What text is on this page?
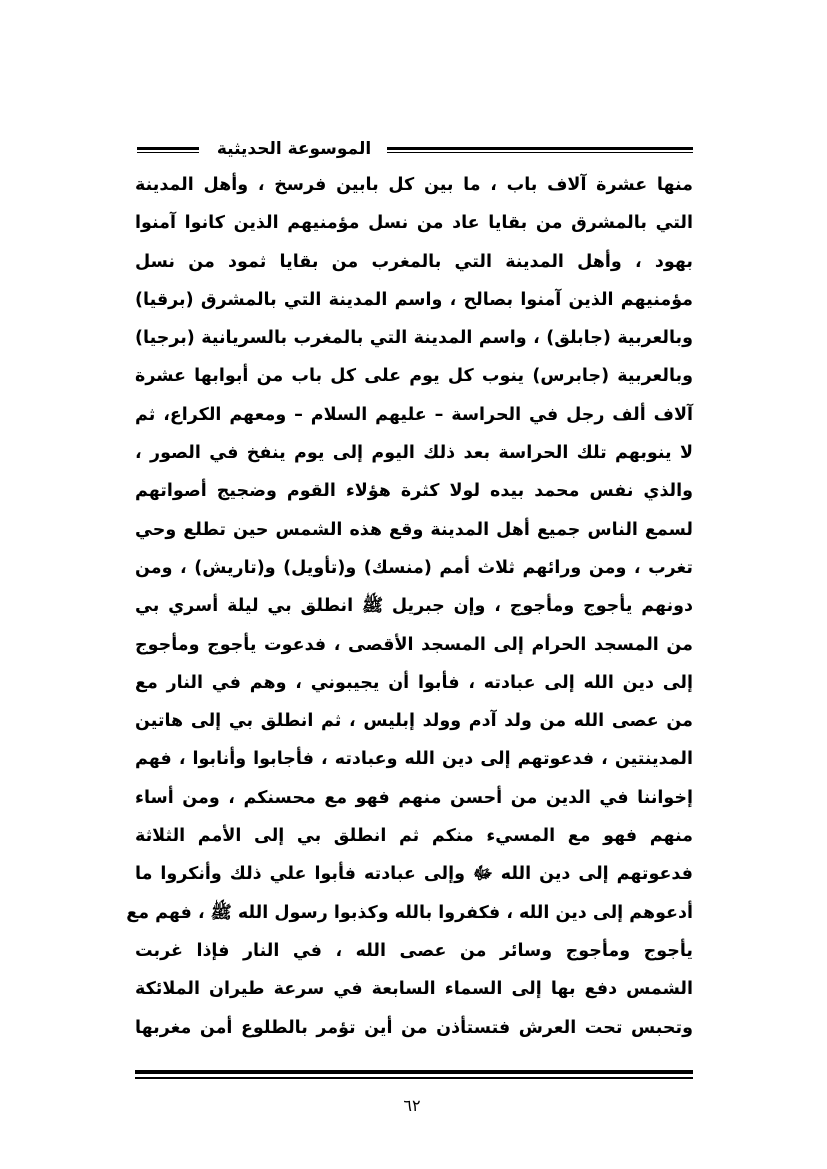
الموسوعة الحديثية
منها عشرة آلاف باب ، ما بين كل بابين فرسخ ، وأهل المدينة
التي بالمشرق من بقايا عاد من نسل مؤمنيهم الذين كانوا آمنوا
بهود ، وأهل المدينة التي بالمغرب من بقايا ثمود من نسل
مؤمنيهم الذين آمنوا بصالح ، واسم المدينة التي بالمشرق (برقيا)
وبالعربية (جابلق) ، واسم المدينة التي بالمغرب بالسريانية (برجيا)
وبالعربية (جابرس) ينوب كل يوم على كل باب من أبوابها عشرة
آلاف ألف رجل في الحراسة – عليهم السلام – ومعهم الكراع، ثم
لا ينوبهم تلك الحراسة بعد ذلك اليوم إلى يوم ينفخ في الصور ،
والذي نفس محمد بيده لولا كثرة هؤلاء القوم وضجيج أصواتهم
لسمع الناس جميع أهل المدينة وقع هذه الشمس حين تطلع وحي
تغرب ، ومن ورائهم ثلاث أمم (منسك) و(تأويل) و(تاريش) ، ومن
دونهم يأجوج ومأجوج ، وإن جبريل ﷺ انطلق بي ليلة أسري بي
من المسجد الحرام إلى المسجد الأقصى ، فدعوت يأجوج ومأجوج
إلى دين الله إلى عبادته ، فأبوا أن يجيبوني ، وهم في النار مع
من عصى الله من ولد آدم وولد إبليس ، ثم انطلق بي إلى هاتين
المدينتين ، فدعوتهم إلى دين الله وعبادته ، فأجابوا وأنابوا ، فهم
إخواننا في الدين من أحسن منهم فهو مع محسنكم ، ومن أساء
منهم فهو مع المسيء منكم ثم انطلق بي إلى الأمم الثلاثة
فدعوتهم إلى دين الله ﷻ وإلى عبادته فأبوا علي ذلك وأنكروا ما
أدعوهم إلى دين الله ، فكفروا بالله وكذبوا رسول الله ﷺ ، فهم مع
يأجوج ومأجوج وسائر من عصى الله ، في النار فإذا غربت
الشمس دفع بها إلى السماء السابعة في سرعة طيران الملائكة
وتحبس تحت العرش فتستأذن من أين تؤمر بالطلوع أمن مغربها
٦٢
